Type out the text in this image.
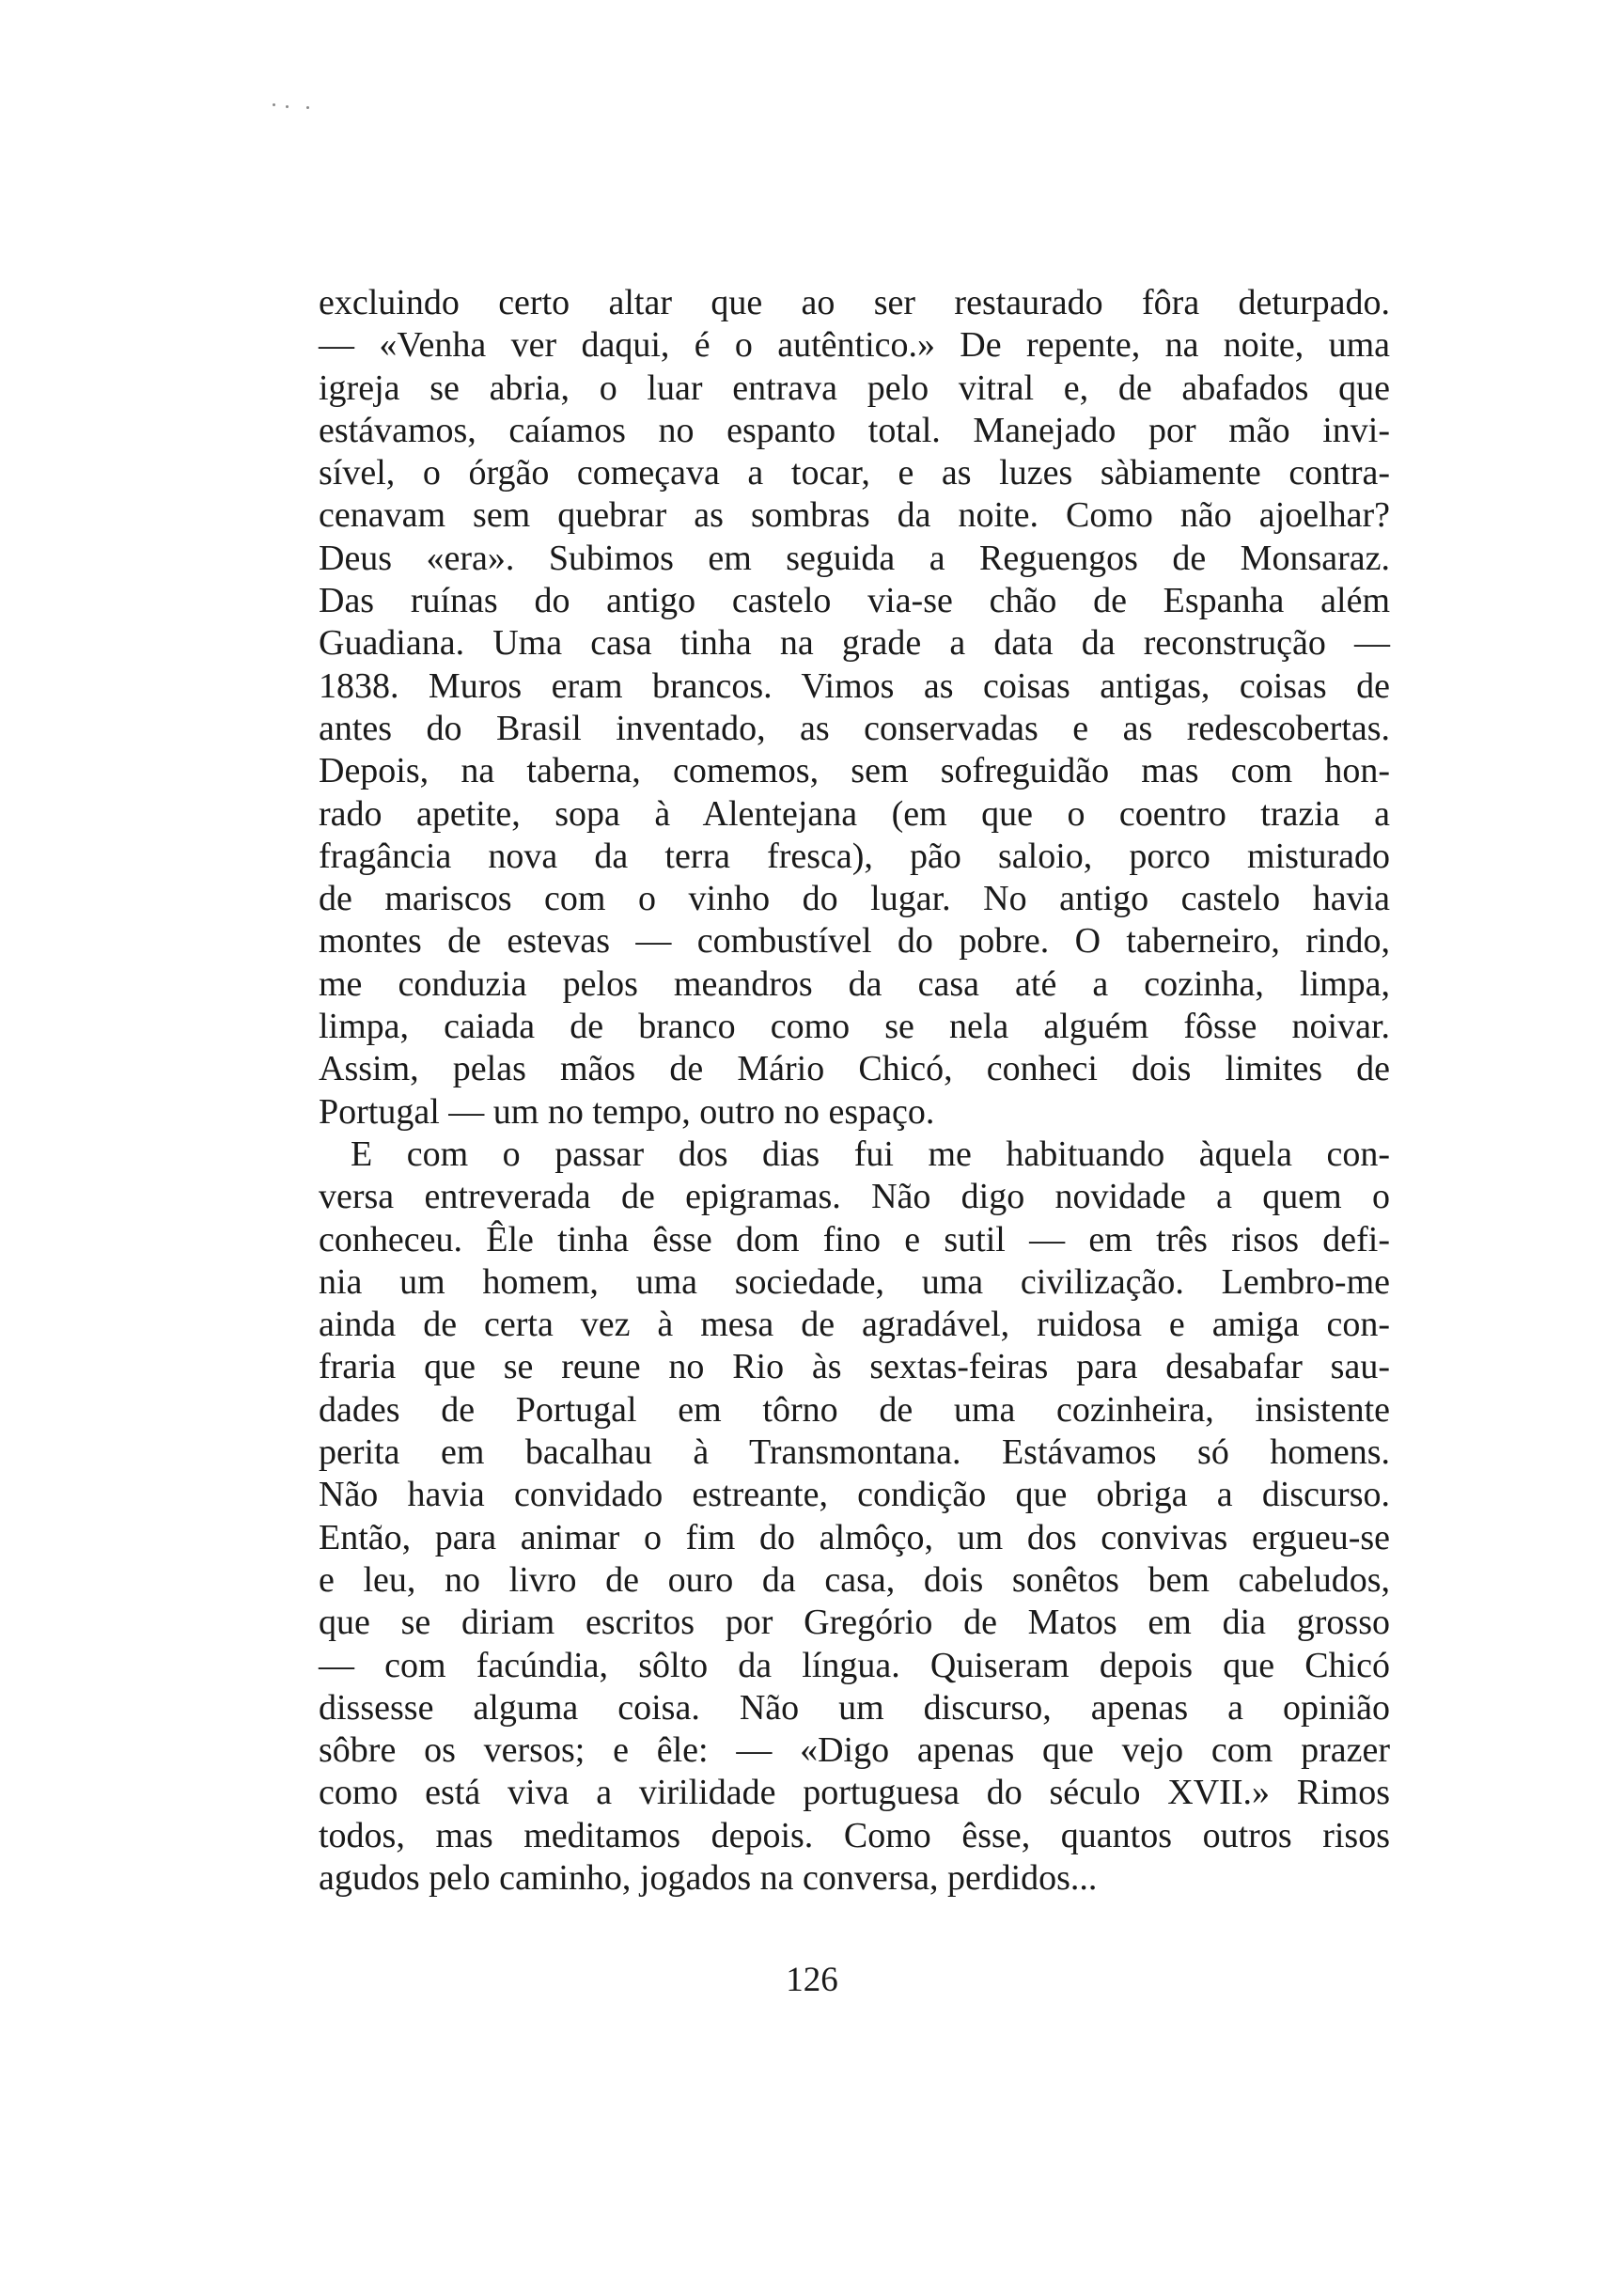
excluindo certo altar que ao ser restaurado fôra deturpado.
— «Venha ver daqui, é o autêntico.» De repente, na noite, uma
igreja se abria, o luar entrava pelo vitral e, de abafados que
estávamos, caíamos no espanto total. Manejado por mão invi-
sível, o órgão começava a tocar, e as luzes sàbiamente contra-
cenavam sem quebrar as sombras da noite. Como não ajoelhar?
Deus «era». Subimos em seguida a Reguengos de Monsaraz.
Das ruínas do antigo castelo via-se chão de Espanha além
Guadiana. Uma casa tinha na grade a data da reconstrução —
1838. Muros eram brancos. Vimos as coisas antigas, coisas de
antes do Brasil inventado, as conservadas e as redescobertas.
Depois, na taberna, comemos, sem sofreguidão mas com hon-
rado apetite, sopa à Alentejana (em que o coentro trazia a
fragância nova da terra fresca), pão saloio, porco misturado
de mariscos com o vinho do lugar. No antigo castelo havia
montes de estevas — combustível do pobre. O taberneiro, rindo,
me conduzia pelos meandros da casa até a cozinha, limpa,
limpa, caiada de branco como se nela alguém fôsse noivar.
Assim, pelas mãos de Mário Chicó, conheci dois limites de
Portugal — um no tempo, outro no espaço.
E com o passar dos dias fui me habituando àquela con-
versa entreverada de epigramas. Não digo novidade a quem o
conheceu. Êle tinha êsse dom fino e sutil — em três risos defi-
nia um homem, uma sociedade, uma civilização. Lembro-me
ainda de certa vez à mesa de agradável, ruidosa e amiga con-
fraria que se reune no Rio às sextas-feiras para desabafar sau-
dades de Portugal em tôrno de uma cozinheira, insistente
perita em bacalhau à Transmontana. Estávamos só homens.
Não havia convidado estreante, condição que obriga a discurso.
Então, para animar o fim do almôço, um dos convivas ergueu-se
e leu, no livro de ouro da casa, dois sonêtos bem cabeludos,
que se diriam escritos por Gregório de Matos em dia grosso
— com facúndia, sôlto da língua. Quiseram depois que Chicó
dissesse alguma coisa. Não um discurso, apenas a opinião
sôbre os versos; e êle: — «Digo apenas que vejo com prazer
como está viva a virilidade portuguesa do século XVII.» Rimos
todos, mas meditamos depois. Como êsse, quantos outros risos
agudos pelo caminho, jogados na conversa, perdidos...
126
